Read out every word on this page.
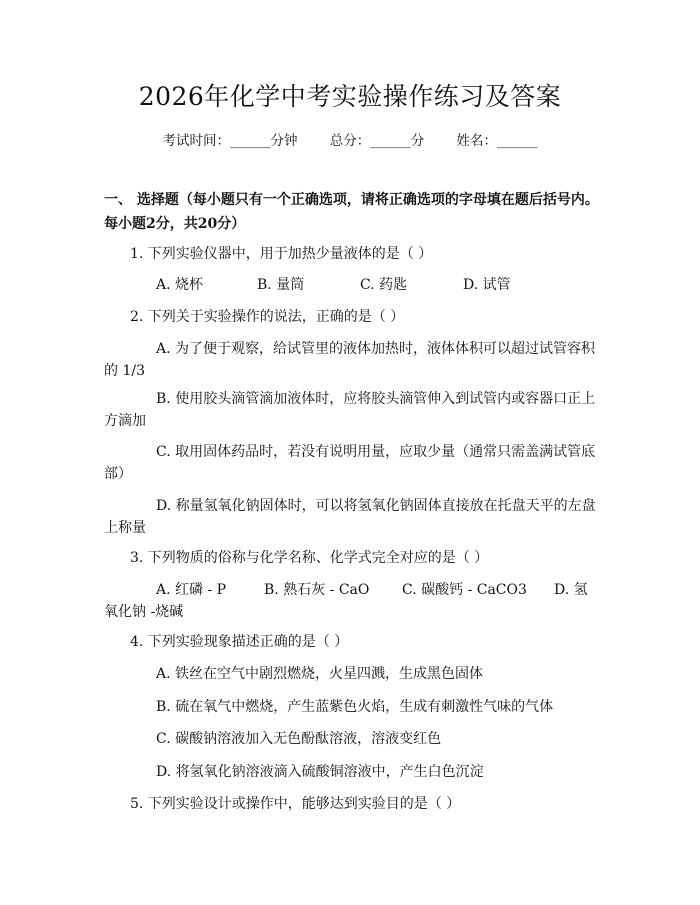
2026年化学中考实验操作练习及答案
考试时间：______分钟 总分：______分 姓名：______
一、 选择题（每小题只有一个正确选项，请将正确选项的字母填在题后括号内。
每小题2分，共20分）
1. 下列实验仪器中，用于加热少量液体的是（ ）
A. 烧杯	B. 量筒	C. 药匙	D. 试管
2. 下列关于实验操作的说法，正确的是（ ）
A. 为了便于观察，给试管里的液体加热时，液体体积可以超过试管容积
的 1/3
B. 使用胶头滴管滴加液体时，应将胶头滴管伸入到试管内或容器口正上
方滴加
C. 取用固体药品时，若没有说明用量，应取少量（通常只需盖满试管底
部）
D. 称量氢氧化钠固体时，可以将氢氧化钠固体直接放在托盘天平的左盘
上称量
3. 下列物质的俗称与化学名称、化学式完全对应的是（ ）
A. 红磷 - P	B. 熟石灰 - CaO C. 碳酸钙 - CaCO3 D. 氢
氧化钠 -烧碱
4. 下列实验现象描述正确的是（ ）
A. 铁丝在空气中剧烈燃烧，火星四溅，生成黑色固体
B. 硫在氧气中燃烧，产生蓝紫色火焰，生成有刺激性气味的气体
C. 碳酸钠溶液加入无色酚酞溶液，溶液变红色
D. 将氢氧化钠溶液滴入硫酸铜溶液中，产生白色沉淀
5. 下列实验设计或操作中，能够达到实验目的是（ ）
